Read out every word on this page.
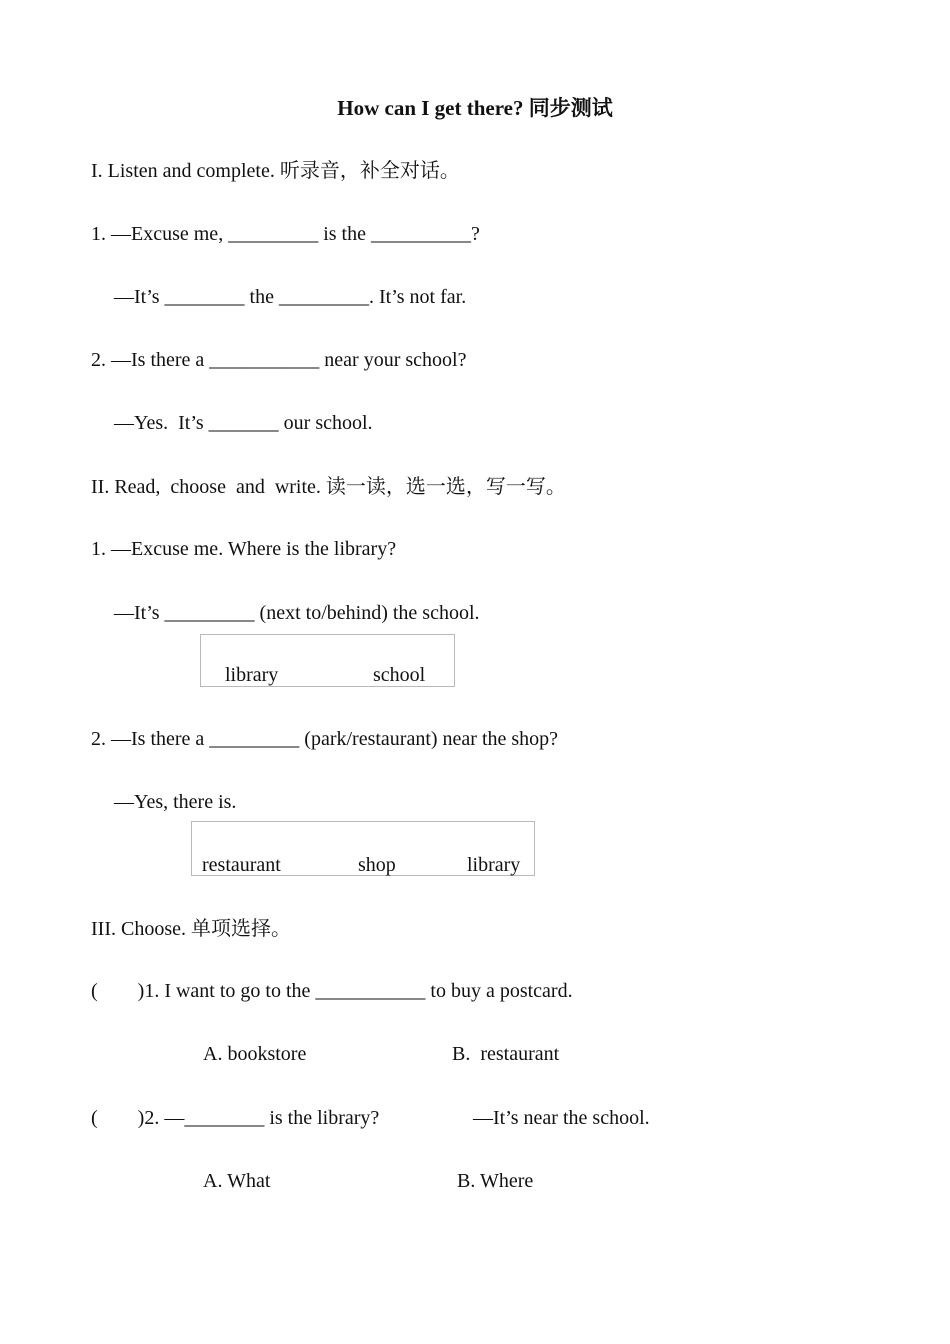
How can I get there? 同步测试
I. Listen and complete. 听录音，补全对话。
1. —Excuse me, _________ is the __________?
—It’s ________ the _________. It’s not far.
2. —Is there a ___________ near your school?
—Yes.  It’s _______ our school.
II. Read,  choose  and  write. 读一读，选一选，写一写。
1. —Excuse me. Where is the library?
—It’s _________ (next to/behind) the school.
library	school
2. —Is there a _________ (park/restaurant) near the shop?
—Yes, there is.
restaurant	shop	library
III. Choose. 单项选择。
(        )1. I want to go to the ___________ to buy a postcard.
A. bookstore	B.  restaurant
(        )2. —________ is the library?	—It’s near the school.
A. What	B. Where
